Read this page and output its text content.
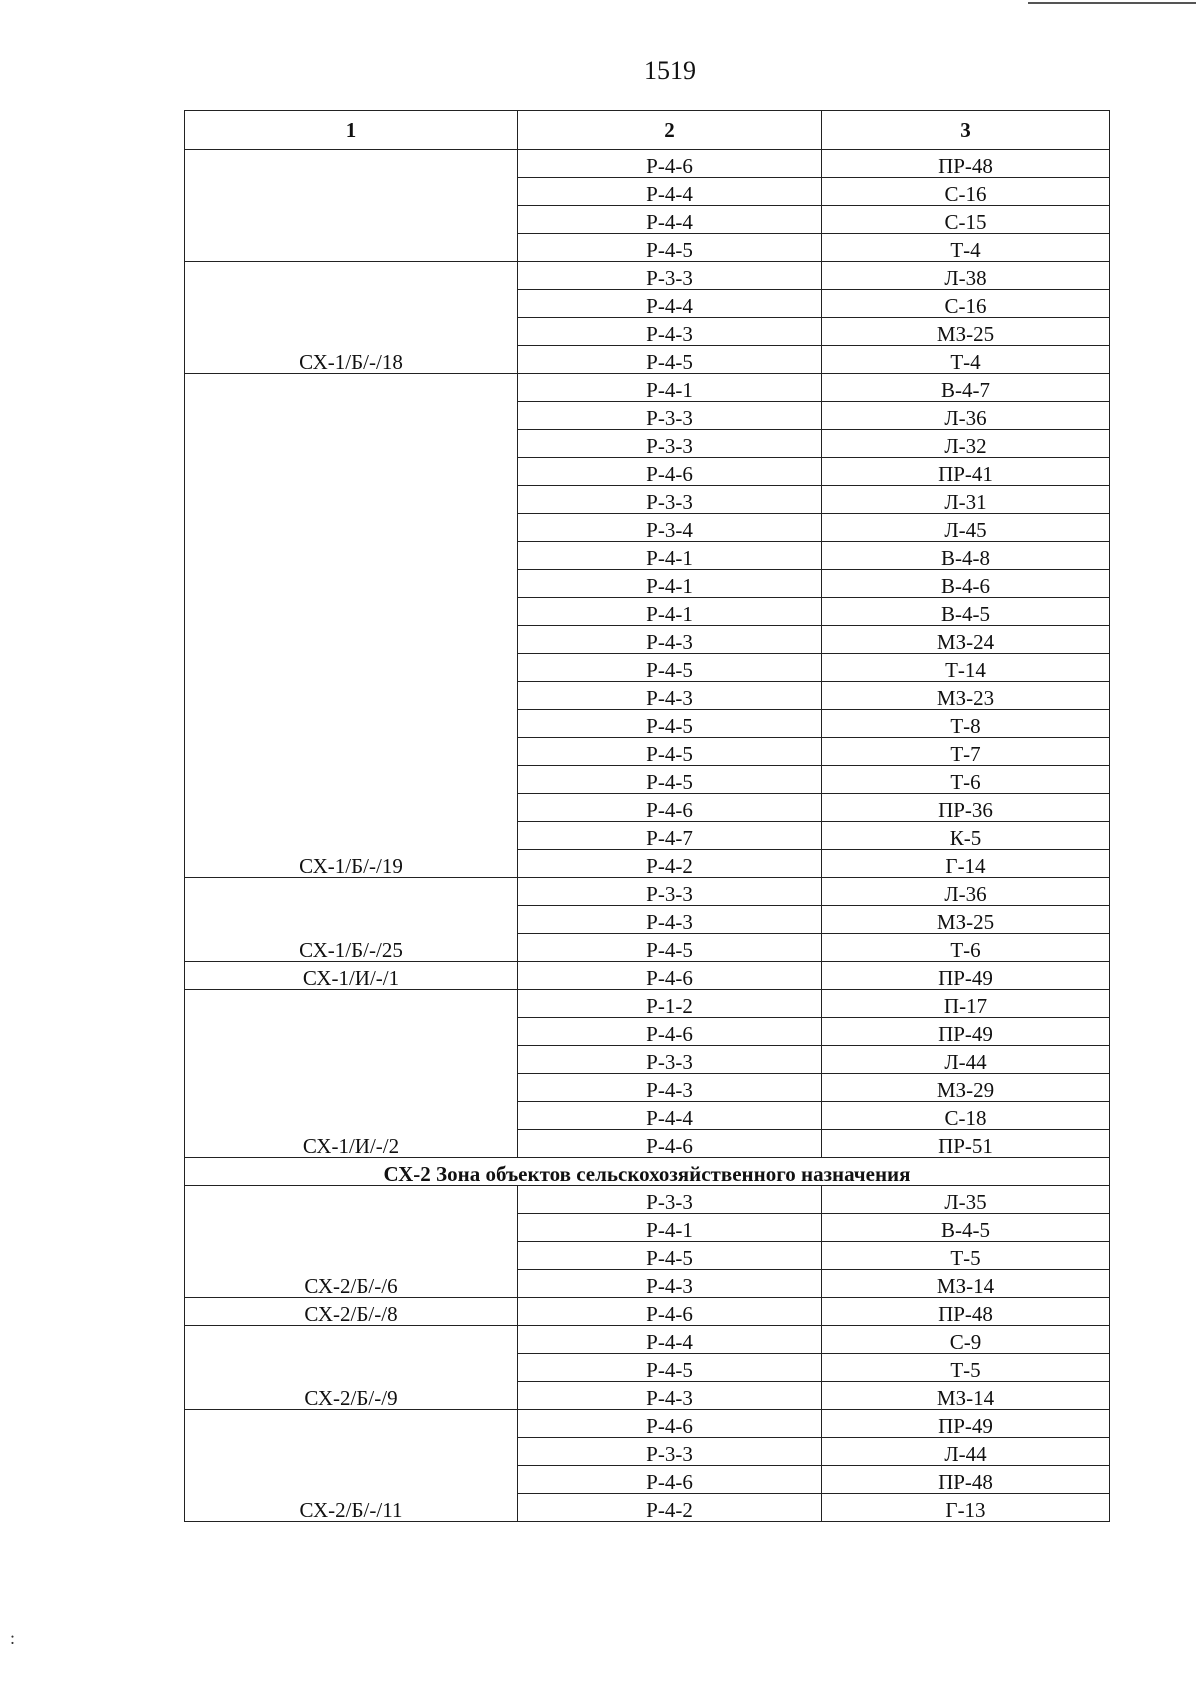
1519
1	2	3
	Р-4-6	ПР-48
	Р-4-4	С-16
	Р-4-4	С-15
	Р-4-5	Т-4
СХ-1/Б/-/18	Р-3-3	Л-38
	Р-4-4	С-16
	Р-4-3	МЗ-25
	Р-4-5	Т-4
СХ-1/Б/-/19	Р-4-1	В-4-7
	Р-3-3	Л-36
	Р-3-3	Л-32
	Р-4-6	ПР-41
	Р-3-3	Л-31
	Р-3-4	Л-45
	Р-4-1	В-4-8
	Р-4-1	В-4-6
	Р-4-1	В-4-5
	Р-4-3	МЗ-24
	Р-4-5	Т-14
	Р-4-3	МЗ-23
	Р-4-5	Т-8
	Р-4-5	Т-7
	Р-4-5	Т-6
	Р-4-6	ПР-36
	Р-4-7	К-5
	Р-4-2	Г-14
СХ-1/Б/-/25	Р-3-3	Л-36
	Р-4-3	МЗ-25
	Р-4-5	Т-6
СХ-1/И/-/1	Р-4-6	ПР-49
СХ-1/И/-/2	Р-1-2	П-17
	Р-4-6	ПР-49
	Р-3-3	Л-44
	Р-4-3	МЗ-29
	Р-4-4	С-18
	Р-4-6	ПР-51
СХ-2 Зона объектов сельскохозяйственного назначения		
СХ-2/Б/-/6	Р-3-3	Л-35
	Р-4-1	В-4-5
	Р-4-5	Т-5
	Р-4-3	МЗ-14
СХ-2/Б/-/8	Р-4-6	ПР-48
СХ-2/Б/-/9	Р-4-4	С-9
	Р-4-5	Т-5
	Р-4-3	МЗ-14
СХ-2/Б/-/11	Р-4-6	ПР-49
	Р-3-3	Л-44
	Р-4-6	ПР-48
	Р-4-2	Г-13
:
